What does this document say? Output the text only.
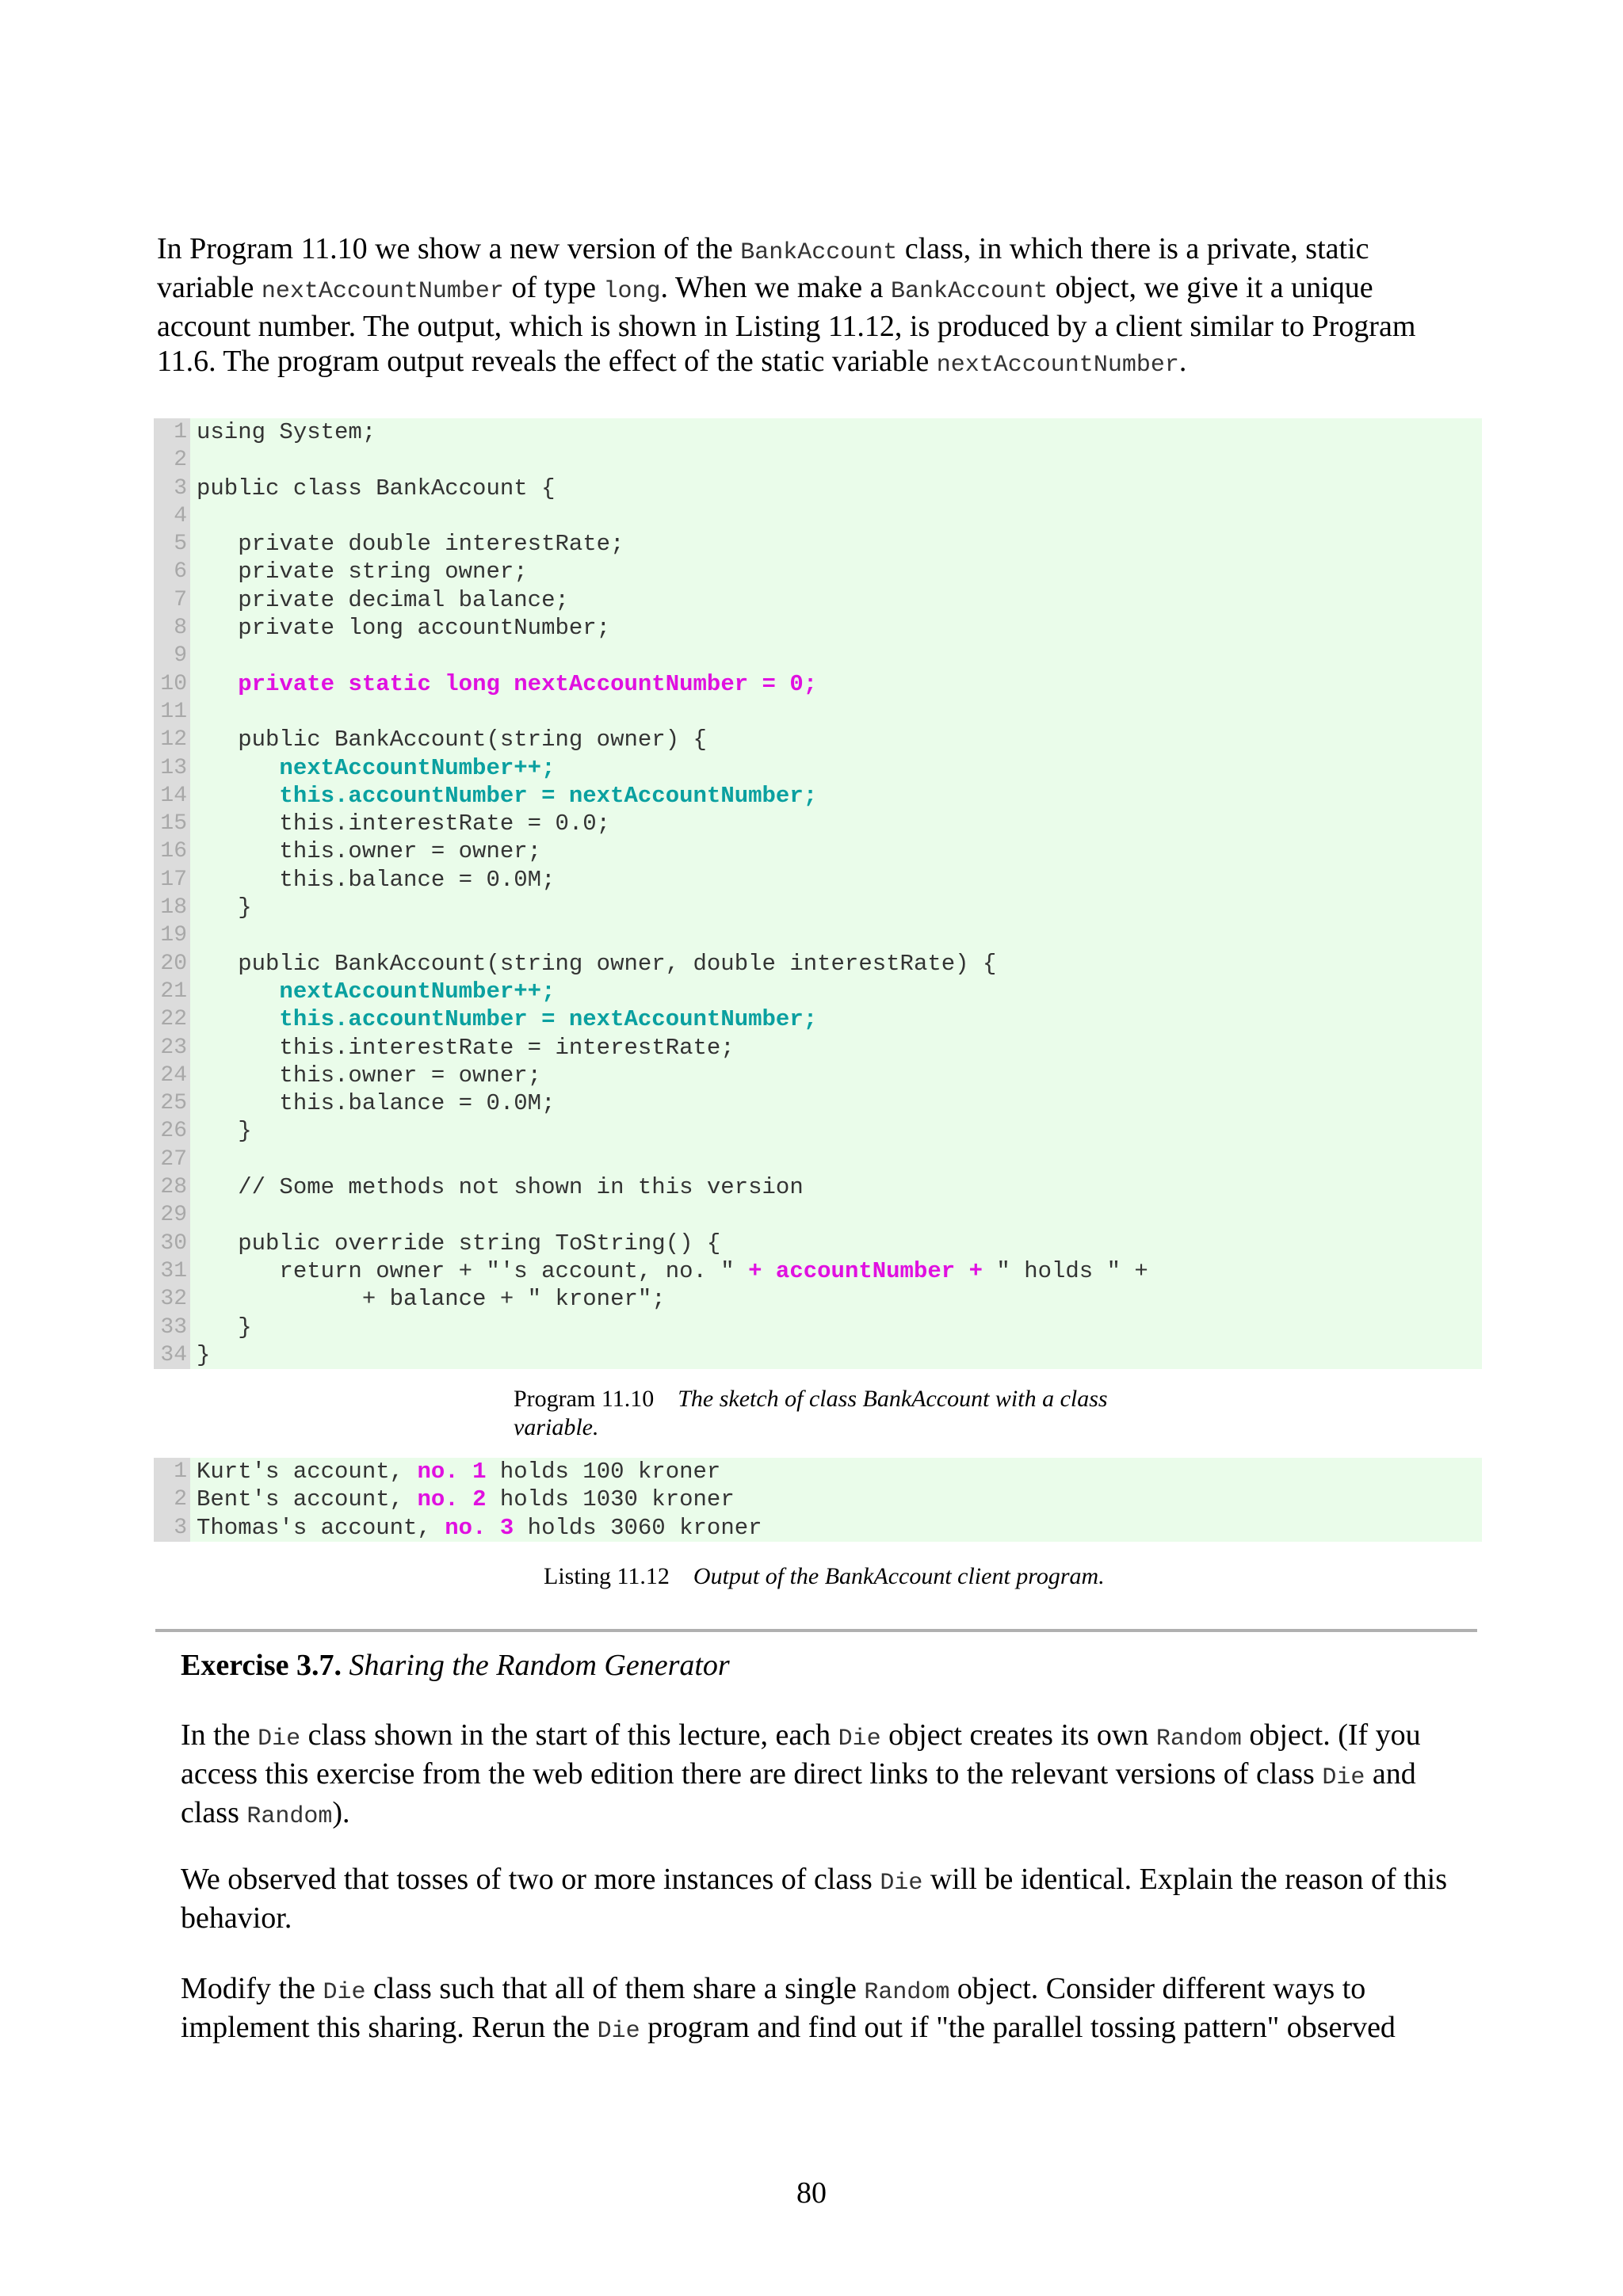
In Program 11.10 we show a new version of the BankAccount class, in which there is a private, static variable nextAccountNumber of type long. When we make a BankAccount object, we give it a unique account number. The output, which is shown in Listing 11.12, is produced by a client similar to Program 11.6. The program output reveals the effect of the static variable nextAccountNumber.
1
2
3
4
5
6
7
8
9
10
11
12
13
14
15
16
17
18
19
20
21
22
23
24
25
26
27
28
29
30
31
32
33
34

using System;
public class BankAccount {
private double interestRate;
private string owner;
private decimal balance;
private long accountNumber;
private static long nextAccountNumber = 0;
public BankAccount(string owner) {
nextAccountNumber++;
this.accountNumber = nextAccountNumber;
this.interestRate = 0.0;
this.owner = owner;
this.balance = 0.0M;
}
public BankAccount(string owner, double interestRate) {
nextAccountNumber++;
this.accountNumber = nextAccountNumber;
this.interestRate = interestRate;
this.owner = owner;
this.balance = 0.0M;
}
// Some methods not shown in this version
public override string ToString() {
return owner + "'s account, no. " + accountNumber + " holds " +
+ balance + " kroner";
}
}
Program 11.10 The sketch of class BankAccount with a class variable.
1
2
3

Kurt's account, no. 1 holds 100 kroner
Bent's account, no. 2 holds 1030 kroner
Thomas's account, no. 3 holds 3060 kroner
Listing 11.12 Output of the BankAccount client program.
Exercise 3.7. Sharing the Random Generator
In the Die class shown in the start of this lecture, each Die object creates its own Random object. (If you access this exercise from the web edition there are direct links to the relevant versions of class Die and class Random).
We observed that tosses of two or more instances of class Die will be identical. Explain the reason of this behavior.
Modify the Die class such that all of them share a single Random object. Consider different ways to implement this sharing. Rerun the Die program and find out if "the parallel tossing pattern" observed
80
